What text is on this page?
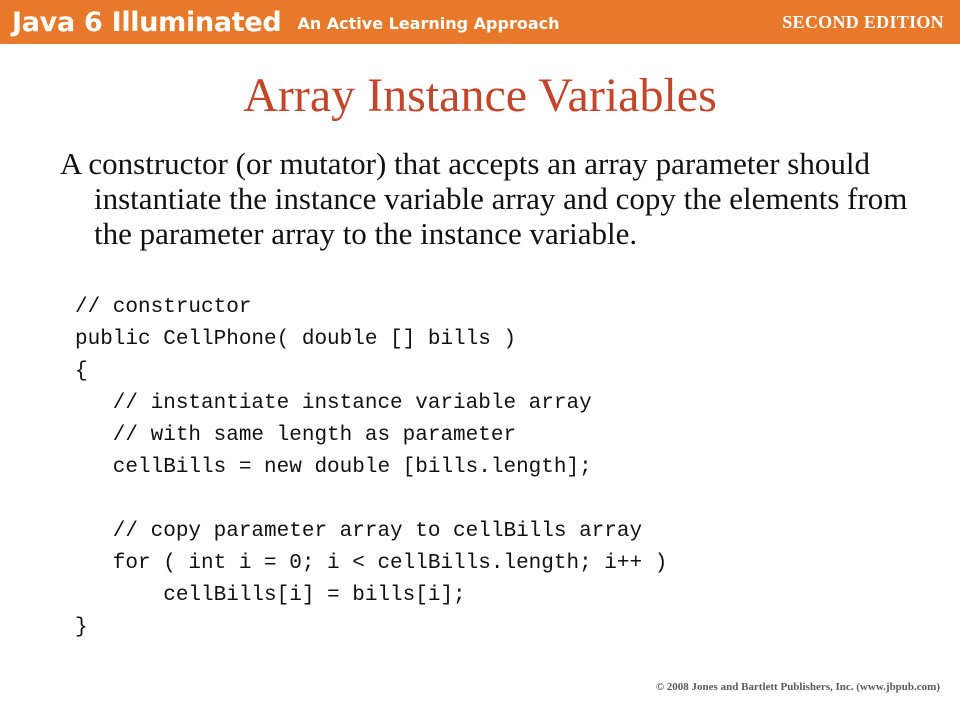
Java 6 Illuminated An Active Learning Approach	SECOND EDITION
Array Instance Variables
A constructor (or mutator) that accepts an array parameter should instantiate the instance variable array and copy the elements from the parameter array to the instance variable.
// constructor
public CellPhone( double [] bills )
{
// instantiate instance variable array
// with same length as parameter
cellBills = new double [bills.length];
// copy parameter array to cellBills array
for ( int i = 0; i < cellBills.length; i++ )
cellBills[i] = bills[i];
}
© 2008 Jones and Bartlett Publishers, Inc. (www.jbpub.com)
